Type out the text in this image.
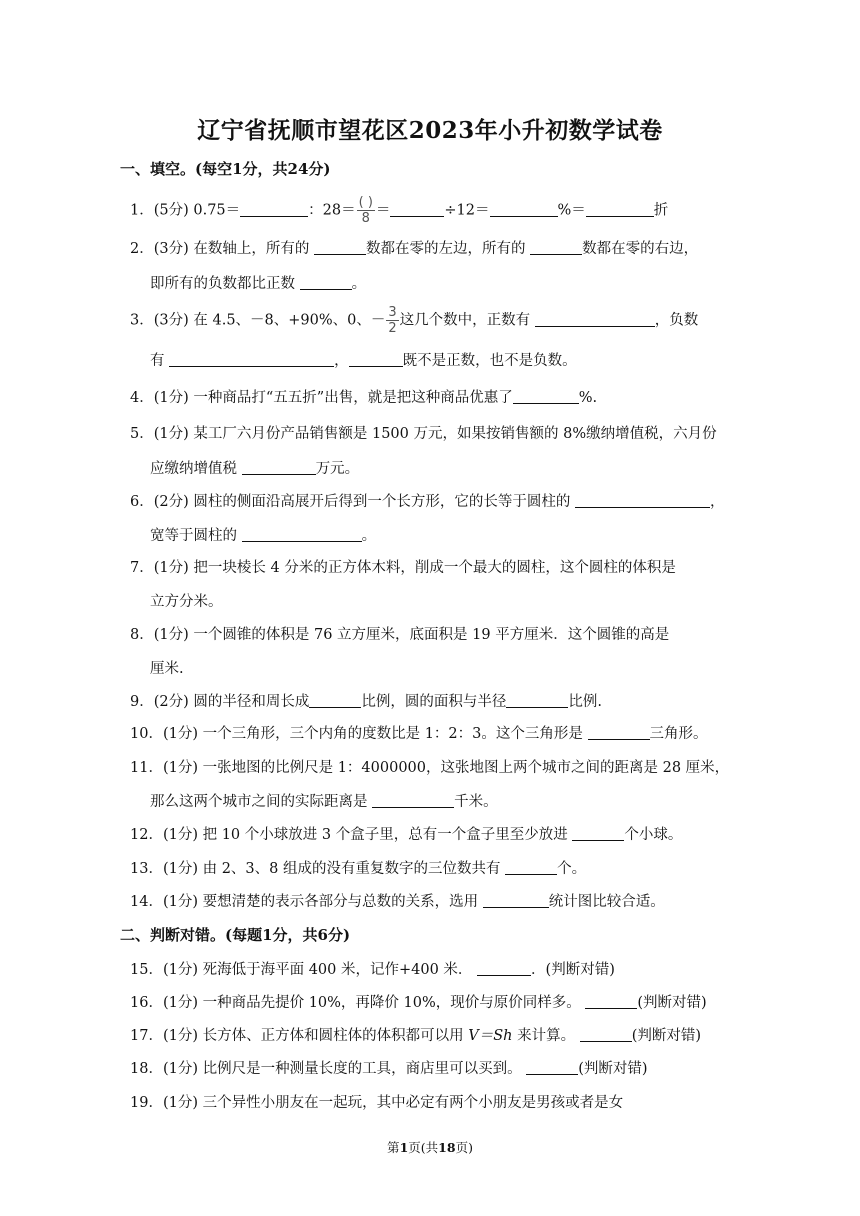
辽宁省抚顺市望花区2023年小升初数学试卷
一、填空。(每空1分，共24分)
1．(5分) 0.75＝	：$28= \frac{( )}{8}$ ＝	÷12＝	%＝	折
2．(3分) 在数轴上，所有的	数都在零的左边，所有的	数都在零的右边，
即所有的负数都比正数	。
3．(3分) 在 4.5、－8、+90%、0、－ $\frac{3}{2}$ 这几个数中，正数有	，负数
有	，	既不是正数，也不是负数。
4．(1分) 一种商品打“五五折”出售，就是把这种商品优惠了	%.
5．(1分) 某工厂六月份产品销售额是 1500 万元，如果按销售额的 8%缴纳增值税，六月份
应缴纳增值税	万元。
6．(2分) 圆柱的侧面沿高展开后得到一个长方形，它的长等于圆柱的	，
宽等于圆柱的	。
7．(1分) 把一块棱长 4 分米的正方体木料，削成一个最大的圆柱，这个圆柱的体积是
立方分米。
8．(1分) 一个圆锥的体积是 76 立方厘米，底面积是 19 平方厘米．这个圆锥的高是
厘米.
9．(2分) 圆的半径和周长成	比例，圆的面积与半径	比例.
10．(1分) 一个三角形，三个内角的度数比是 1：2：3。这个三角形是	三角形。
11．(1分) 一张地图的比例尺是 1：4000000，这张地图上两个城市之间的距离是 28 厘米，
那么这两个城市之间的实际距离是	千米。
12．(1分) 把 10 个小球放进 3 个盒子里，总有一个盒子里至少放进	个小球。
13．(1分) 由 2、3、8 组成的没有重复数字的三位数共有	个。
14．(1分) 要想清楚的表示各部分与总数的关系，选用	统计图比较合适。
二、判断对错。(每题1分，共6分)
15．(1分) 死海低于海平面 400 米，记作+400 米．	．(判断对错)
16．(1分) 一种商品先提价 10%，再降价 10%，现价与原价同样多。	(判断对错)
17．(1分) 长方体、正方体和圆柱体的体积都可以用 V＝Sh 来计算。	(判断对错)
18．(1分) 比例尺是一种测量长度的工具，商店里可以买到。	(判断对错)
19．(1分) 三个异性小朋友在一起玩，其中必定有两个小朋友是男孩或者是女
第1页(共18页)
